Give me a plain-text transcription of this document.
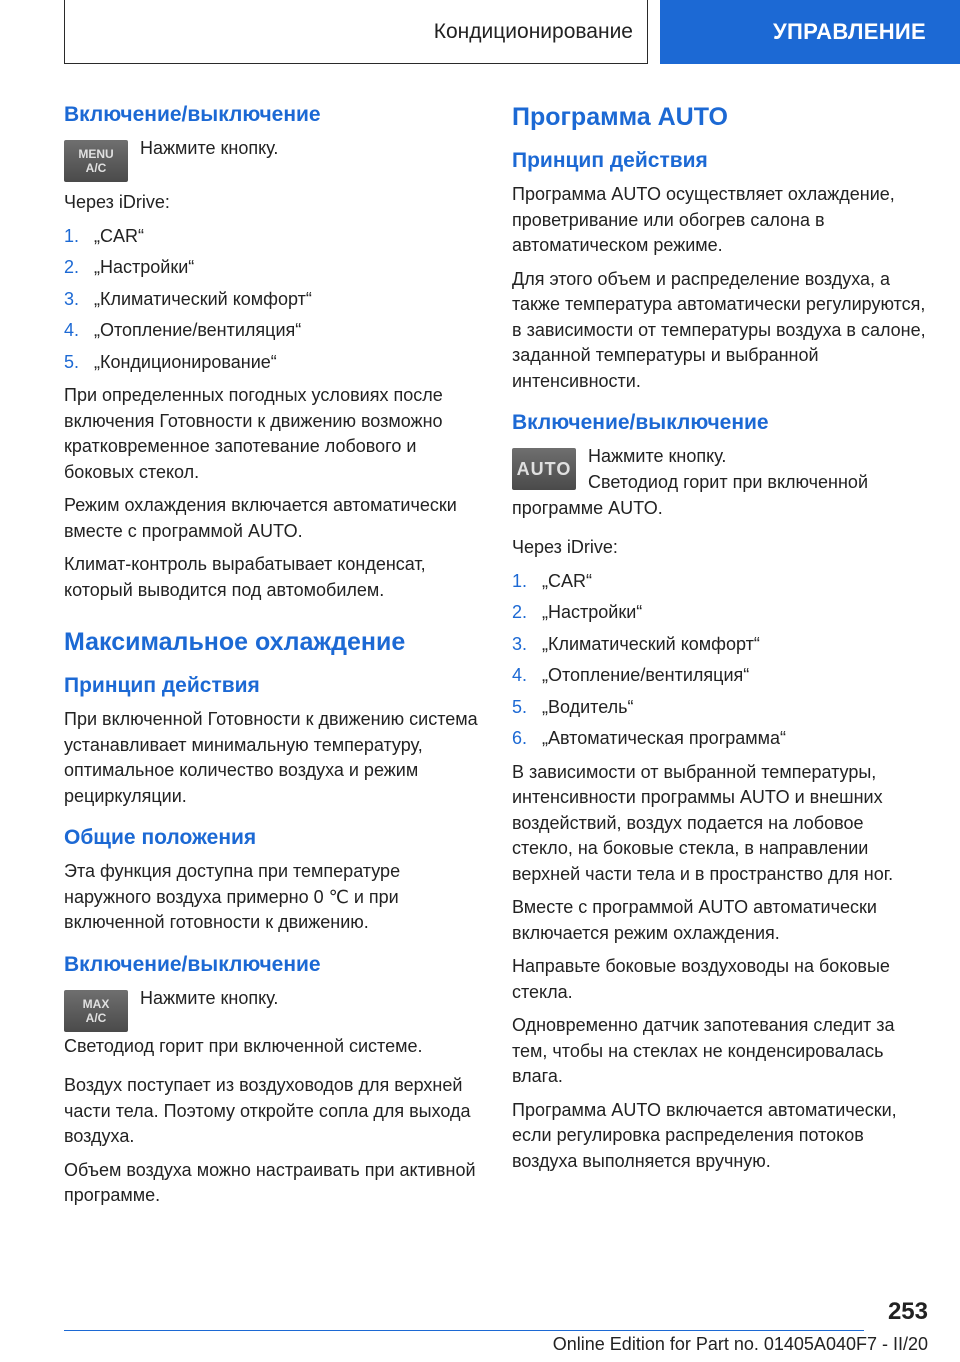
Кондиционирование	УПРАВЛЕНИЕ
Включение/выключение
MENU
A/C

Нажмите кнопку.

Через iDrive:

1. „CAR“
2. „Настройки“
3. „Климатический комфорт“
4. „Отопление/вентиляция“
5. „Кондиционирование“

При определенных погодных условиях после включения Готовности к движению возможно кратковременное запотевание лобового и боковых стекол.

Режим охлаждения включается автоматически вместе с программой AUTO.

Климат-контроль вырабатывает конденсат, который выводится под автомобилем.

Максимальное охлаждение
Принцип действия

При включенной Готовности к движению система устанавливает минимальную температуру, оптимальное количество воздуха и режим рециркуляции.

Общие положения

Эта функция доступна при температуре наружного воздуха примерно 0 ℃ и при включенной готовности к движению.

Включение/выключение
MAX
A/C

Нажмите кнопку.

Светодиод горит при включенной системе.

Воздух поступает из воздуховодов для верхней части тела. Поэтому откройте сопла для выхода воздуха.

Объем воздуха можно настраивать при активной программе.

Программа AUTO
Принцип действия

Программа AUTO осуществляет охлаждение, проветривание или обогрев салона в автоматическом режиме.

Для этого объем и распределение воздуха, а также температура автоматически регулируются, в зависимости от температуры воздуха в салоне, заданной температуры и выбранной интенсивности.

Включение/выключение
AUTO

Нажмите кнопку.

Светодиод горит при включенной программе AUTO.

Через iDrive:

1. „CAR“
2. „Настройки“
3. „Климатический комфорт“
4. „Отопление/вентиляция“
5. „Водитель“
6. „Автоматическая программа“

В зависимости от выбранной температуры, интенсивности программы AUTO и внешних воздействий, воздух подается на лобовое стекло, на боковые стекла, в направлении верхней части тела и в пространство для ног.

Вместе с программой AUTO автоматически включается режим охлаждения.

Направьте боковые воздуховоды на боковые стекла.

Одновременно датчик запотевания следит за тем, чтобы на стеклах не конденсировалась влага.

Программа AUTO включается автоматически, если регулировка распределения потоков воздуха выполняется вручную.

253
Online Edition for Part no. 01405A040F7 - II/20
